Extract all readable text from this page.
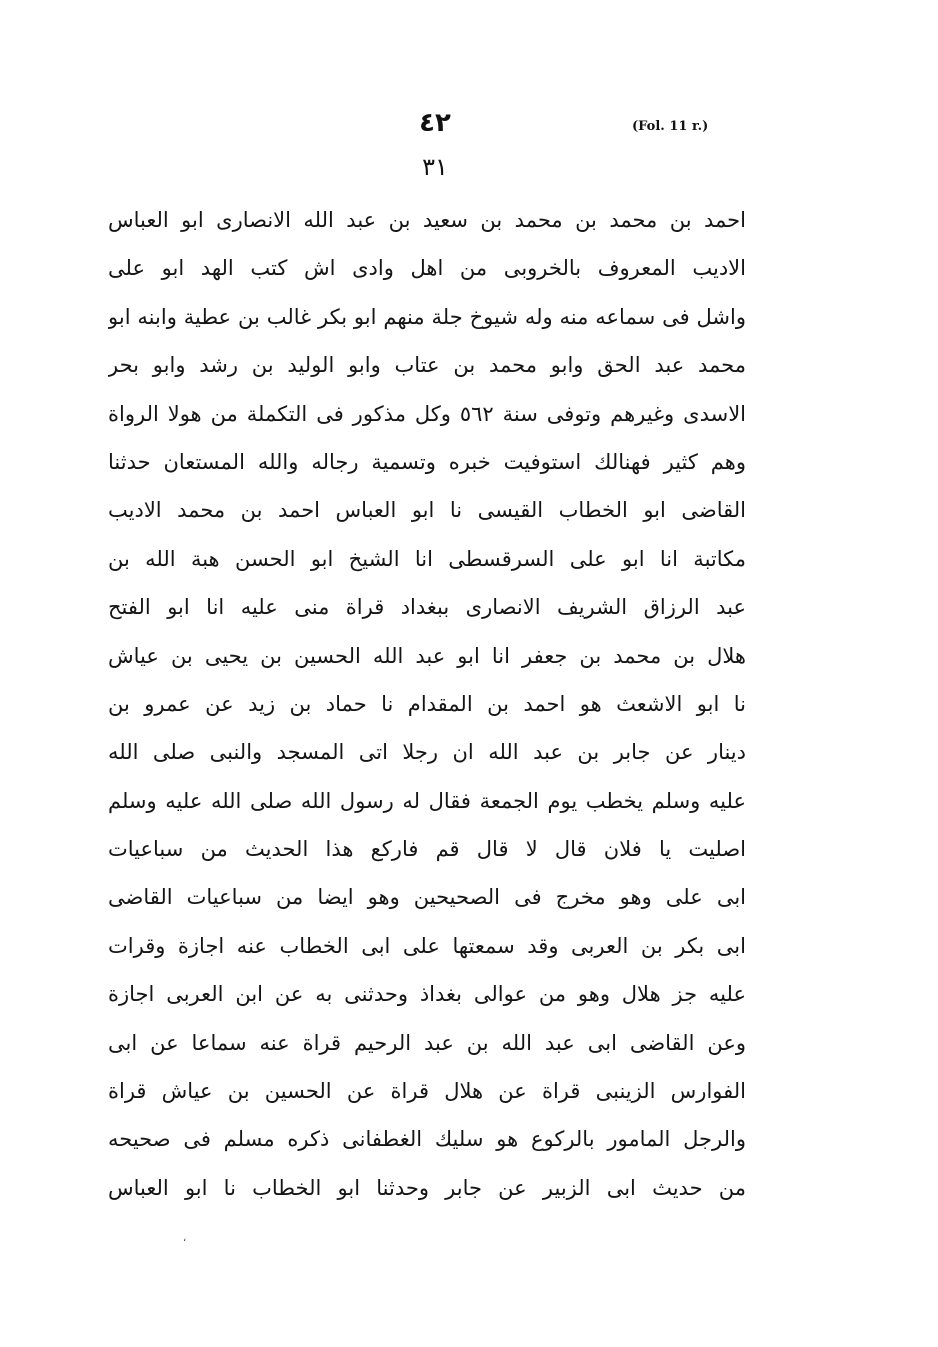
٤٢	(Fol. 11 r.)
٣١
احمد بن محمد بن محمد بن سعيد بن عبد الله الانصارى ابو العباس
الاديب المعروف بالخروبى من اهل وادى اش كتب الهد ابو على
واشل فى سماعه منه وله شيوخ جلة منهم ابو بكر غالب بن عطية وابنه ابو
محمد عبد الحق وابو محمد بن عتاب وابو الوليد بن رشد وابو بحر
الاسدى وغيرهم وتوفى سنة ٥٦٢ وكل مذكور فى التكملة من هولا الرواة
وهم كثير فهنالك استوفيت خبره وتسمية رجاله والله المستعان حدثنا
القاضى ابو الخطاب القيسى نا ابو العباس احمد بن محمد الاديب
مكاتبة انا ابو على السرقسطى انا الشيخ ابو الحسن هبة الله بن
عبد الرزاق الشريف الانصارى ببغداد قراة منى عليه انا ابو الفتح
هلال بن محمد بن جعفر انا ابو عبد الله الحسين بن يحيى بن عياش
نا ابو الاشعث هو احمد بن المقدام نا حماد بن زيد عن عمرو بن
دينار عن جابر بن عبد الله ان رجلا اتى المسجد والنبى صلى الله
عليه وسلم يخطب يوم الجمعة فقال له رسول الله صلى الله عليه وسلم
اصليت يا فلان قال لا قال قم فاركع هذا الحديث من سباعيات
ابى على وهو مخرج فى الصحيحين وهو ايضا من سباعيات القاضى
ابى بكر بن العربى وقد سمعتها على ابى الخطاب عنه اجازة وقرات
عليه جز هلال وهو من عوالى بغداذ وحدثنى به عن ابن العربى اجازة
وعن القاضى ابى عبد الله بن عبد الرحيم قراة عنه سماعا عن ابى
الفوارس الزينبى قراة عن هلال قراة عن الحسين بن عياش قراة
والرجل المامور بالركوع هو سليك الغطفانى ذكره مسلم فى صحيحه
من حديث ابى الزبير عن جابر وحدثنا ابو الخطاب نا ابو العباس
،
